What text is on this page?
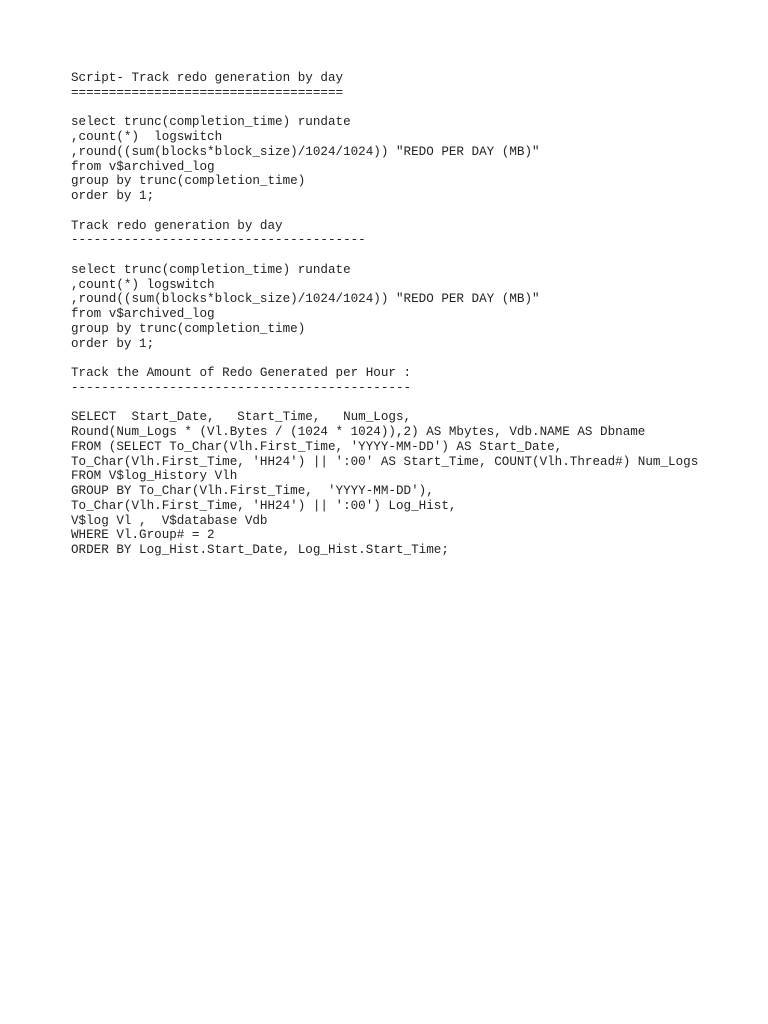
Script- Track redo generation by day

====================================

select trunc(completion_time) rundate

,count(*)  logswitch

,round((sum(blocks*block_size)/1024/1024)) "REDO PER DAY (MB)"

from v$archived_log

group by trunc(completion_time)

order by 1;

Track redo generation by day

---------------------------------------

select trunc(completion_time) rundate

,count(*) logswitch

,round((sum(blocks*block_size)/1024/1024)) "REDO PER DAY (MB)"

from v$archived_log

group by trunc(completion_time)

order by 1;

Track the Amount of Redo Generated per Hour :

---------------------------------------------

SELECT  Start_Date,   Start_Time,   Num_Logs,

Round(Num_Logs * (Vl.Bytes / (1024 * 1024)),2) AS Mbytes, Vdb.NAME AS Dbname

FROM (SELECT To_Char(Vlh.First_Time, 'YYYY-MM-DD') AS Start_Date,

To_Char(Vlh.First_Time, 'HH24') || ':00' AS Start_Time, COUNT(Vlh.Thread#) Num_Logs

FROM V$log_History Vlh

GROUP BY To_Char(Vlh.First_Time,  'YYYY-MM-DD'),

To_Char(Vlh.First_Time, 'HH24') || ':00') Log_Hist,

V$log Vl ,  V$database Vdb

WHERE Vl.Group# = 2

ORDER BY Log_Hist.Start_Date, Log_Hist.Start_Time;
